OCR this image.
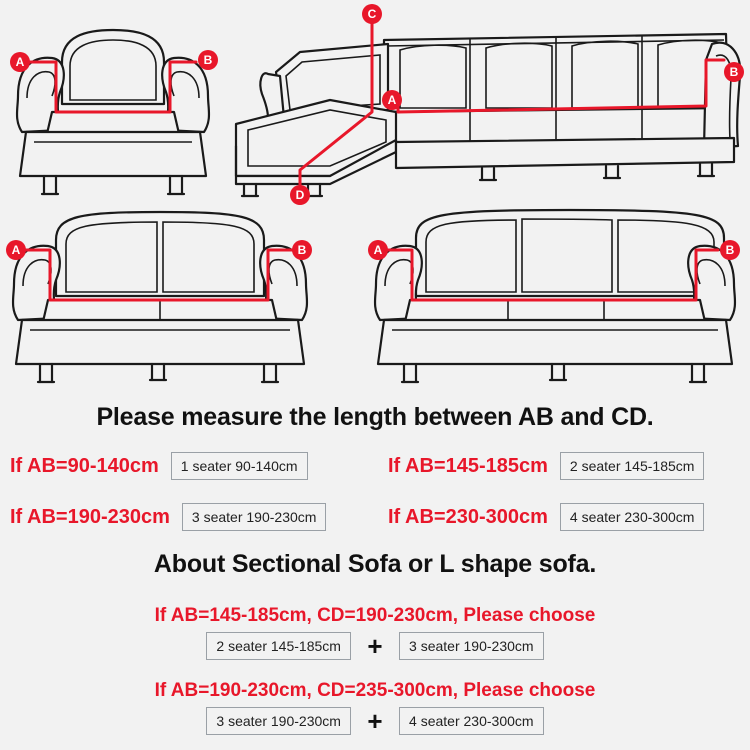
A	B
C
D
A
B
A	B	A	B
Please measure the length between AB and CD.
If AB=90-140cm	1 seater 90-140cm	If AB=145-185cm	2 seater 145-185cm
If AB=190-230cm	3 seater 190-230cm	If AB=230-300cm	4 seater 230-300cm
About Sectional Sofa or L shape sofa.
If AB=145-185cm, CD=190-230cm, Please choose
2 seater 145-185cm + 3 seater 190-230cm
If AB=190-230cm, CD=235-300cm, Please choose
3 seater 190-230cm + 4 seater 230-300cm
